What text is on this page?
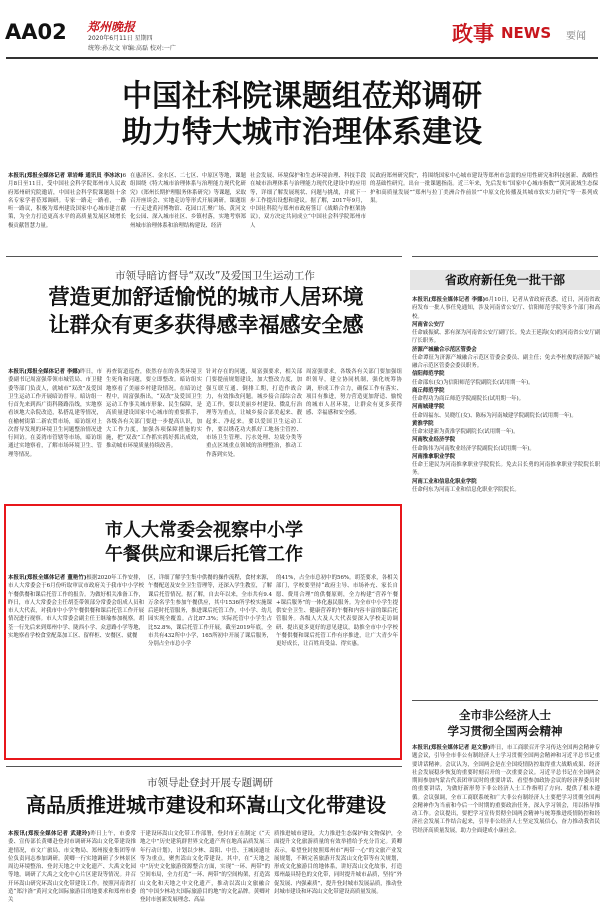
AA02 郑州晚报
2020年6月11日 星期四
统筹:孙友文 审编:高磊 校对:一广
政事 NEWS 要闻
中国社科院课题组莅郑调研
助力特大城市治理体系建设
本报讯(郑报全媒体记者 章岩峰 通讯员 李冰冰)6月8日至11日，受中国社会科学院郑州市人民政府郑州研究院邀请，中国社会科学院课题组十余名专家学者莅郑调研。专家一路走一路看，一路听一路议，积极为郑州建设国家中心城市建言献策，为全力打造更高水平的高质量发展区域增长极贡献智慧力量。
在惠济区、金水区、二七区、中原区等地，课题组围绕《特大城市治理体系与治理能力现代化研究》《郑州长期护理服务体系研究》等课题，采取召开座谈会、实地走访等形式开展调研。课题组一行走进黄河博物馆、花园口汇聚广场、黄河文化公园、深入城市社区、乡镇村落，实地考察郑州城市治理体系和治理结构建设、经济
社会发展、环境保护和生态环境治理、科技手段在城市治理体系与治理能力现代化建设中的应用等，详细了解发展现状、问题与挑战，并就下一步工作提出设想和建议。据了解，2017年9月，中国社科院与郑州市政府签订《战略合作框架协议》，双方决定共同成立“中国社会科学院郑州市人
民政府郑州研究院”，将围绕国家中心城市建设等郑州市急需的应用性研究和科技创新、战略性的基础性研究。出台一批课题指南。近三年来，先后发布“国家中心城市指数”“黄河流域生态保护和高质量发展”“郑州与拉丁美洲合作前景”“中原文化传播及其城市软实力研究”等一系列成果。
市领导暗访督导“双改”及爱国卫生运动工作
营造更加舒适愉悦的城市人居环境
让群众有更多获得感幸福感安全感
本报讯(郑报全媒体记者 李娜)昨日，市委副书记周富强带领市城管局、市卫健委等部门负责人，就城市“双改”及爱国卫生运动工作开展暗访督导。暗访组一行首先来到西广街科隆路沿线，实地察看该地大杂院改造，私搭乱建等情况，在榆树街第二新农贸市场，暗访组对上次督导发现的环境卫生问题整治情况进行回访。在姜湾市管辖等市场，暗访组通过实地察看，了解市场环境卫生、管理等情况。
再查街道巡查，依然存在的各类环境卫生死角和问题，要立即整改。暗访组实地察看了美丽乡村建设情况。在暗访过程中，周富强指出，“双改”及爱国卫生运动工作事关城市形象、民生保障，是高质量建设国家中心城市的重要抓手，各级各有关部门要进一步提高认识，加大工作力度，加强各项保障措施的实施，把“双改”工作抓实抓好抓出成效，推动城市环境质量持续改善。
针对存在的问题，周富强要求，相关部门要提前规划建设，加大整改力度，加强互联互通、倒排工期，打造作战合力，有效推改问题。城乡接合部综合改造工作，要以美丽乡村建设、微乱行治理等为重点，让城乡接合部美起来、靓起来、净起来。要以爱国卫生运动工作，要以绣花功夫抓好工地扬尘管控、市场卫生管理、污水处理、垃圾分类等重点区域重点领域的治理整治，推动工作落到实处。
周富强要求，各级各有关部门要加强组织领导，建立协同机制，强化统筹协调，形成工作合力，确保工作有落实、项目有推进，努力营造更加舒适、愉悦的城市人居环境，让群众有更多获得感、幸福感和安全感。
市人大常委会视察中小学
午餐供应和课后托管工作
本报讯(郑报全媒体记者 董艳竹)根据2020年工作安排，市人大常委会于6月份听取审议市政府关于我市中小学校午餐供餐和课后托管工作的报告。为做好相关准备工作，昨日，市人大常委会主任胡荃带领部分常委会组成人员和市人大代表，对我市中小学午餐供餐和课后托管工作开展情况进行视察。市人大常委会副主任王继瑜参加视察。胡荃一行先后来到郑州中学、陇西小学、众意路小学等地，实地察看学校食堂配菜加工区、留样柜、安餐区、就餐
区，详细了解学生集中供餐的操作流程，食材来源，午餐配送及安全卫生管理等，还深入学生教室，了解课后托管情况。据了解，自去年以来，全市共有9.4万余名学生参加午餐供应，其中1536所学校实施课后延时托管服务，推进课后托管工作，中小学、幼儿园实现全覆盖。占比87.3%；实际托管中小学生占比52.8%，课后托管工作开展，截至2019年底，全市共有432所中小学，165所初中开展了课后服务，分别占全市总小学
的41%，占全市总初中的56%。胡荃要求，各相关部门，学校要坚持“政府主导、市场补充、家长自愿、费用合理”的供餐原则，全力构建“营养午餐+课后服务”的一体化惠民服务。为全市中小学生提供安全卫生、健康营养的午餐和内容丰富的课后托管服务。各级人大及人大代表要深入学校走访调研、提出更多更好的意见建议，助推全市中小学校午餐供餐和课后托管工作有序推进，让广大青少年更好成长，让百姓真受益、得实惠。
省政府新任免一批干部
本报讯(郑报全媒体记者 李娜)6月10日，记者从省政府获悉，近日，河南省政府发布一批人事任免通知，涉及河南省公安厅、信阳师范学院等多个部门和高校。
河南省公安厅
任命戚振斌、郭有深为河南省公安厅副厅长。免去王延海(女)的河南省公安厅副厅长职务。
济源产城融合示范区管委会
任命谭征为济源产城融合示范区管委会委员、副主任；免去李杜俊的济源产城融合示范区管委会委员职务。
信阳师范学院
任命邵东(女)为信阳师范学院副院长(试用期一年)。
商丘师范学院
任命程功为商丘师范学院副院长(试用期一年)。
河南城建学院
任命周福东、吴晓红(女)、陈标为河南城建学院副院长(试用期一年)。
黄淮学院
任命宋建新为黄淮学院副院长(试用期一年)。
河南牧业经济学院
任命陈伟为河南牧业经济学院副院长(试用期一年)。
河南推拿职业学院
任命王建民为河南推拿职业学院院长。免去吕长勇的河南推拿职业学院院长职务。
河南工业和信息化职业学院
任命何东为河南工业和信息化职业学院院长。
全市非公经济人士
学习贯彻全国两会精神
本报讯(郑报全媒体记者 赵文静)昨日，市工商联召开学习传达全国两会精神专题会议，引导全市非公有制经济人士学习贯彻全国两会精神和习近平总书记重要讲话精神。会议认为，全国两会是在全国疫情防控取得重大战略成果、经济社会发展稳步恢复的重要时刻召开的一次重要会议。习近平总书记在全国两会期间参加内蒙古代表团审议时的重要讲话、看望参加政协会议的经济界委员时的重要讲话，为做好新形势下非公经济人士工作指明了方向、提供了根本遵循。会议强调，全市工商联系统和广大非公有制经济人士要把学习贯彻全国两会精神作为当前和今后一个时期的重要政治任务，深入学习领会，用以指导推动工作。会议提出，要把学习宣传贯彻全国两会精神与统筹推进疫情防控和经济社会发展工作结合起来，引导非公经济人士坚定发展信心，奋力推动我省民营经济高质量发展，助力全面建成小康社会。
市领导赴登封开展专题调研
高品质推进城市建设和环嵩山文化带建设
本报讯(郑报全媒体记者 武建玲)昨日上午，市委常委、宣传部长黄卿赴登封市调研环嵩山文化带建设推进情况，市文广旅局、市文物局、郑州报业集团等单位负责同志参加调研。黄卿一行实地调研了少林景区周边环境整治、登封天地之中文化遗产、大禹文化园等地，调研了大禹之文化中心片区建设等情况。并召开环嵩山研究环嵩山文化带建设工作。按照河南省打造“郑汴洛”黄河文化国际旅游目的地要求和郑州市委关
于建设环嵩山文化带工作部署，登封市正在制定《“天地之中”历史建筑群世界文化遗产所在地高品质发展三年行动计划》，计划以少林、嵩阳、中岳、王城岗遗址等为重点，聚焦嵩山文化带建设。其中，在“天地之中”历史文化旅游资源整合方面，实现“一环、两带”的空间布局，全力打造“一环、两带”的空间构架，打造嵩山文化和天地之中文化遗产，推动以嵩山文旅融合的“中国少林功夫国际旅游目的地”的文化品牌。黄卿对登封市创新发展理念、高品
质推进城市建设，大力推进生态保护和文物保护，全面提升文化旅游质量的有效举措给予充分肯定。黄卿表示，希望登封按照郑州市“两带一心”的文旅产业发展规划，不断完善旅游开发嵩山文化带等有关规划，形成文化旅游目的地体系，讲好嵩山文化故事，打造郑州最具特色的文化带，同时提升城市品质，坚持“外促发展、内强素质”，提升登封城市发展品质，推动登封城市建设和环嵩山文化带建设高质量发展。
